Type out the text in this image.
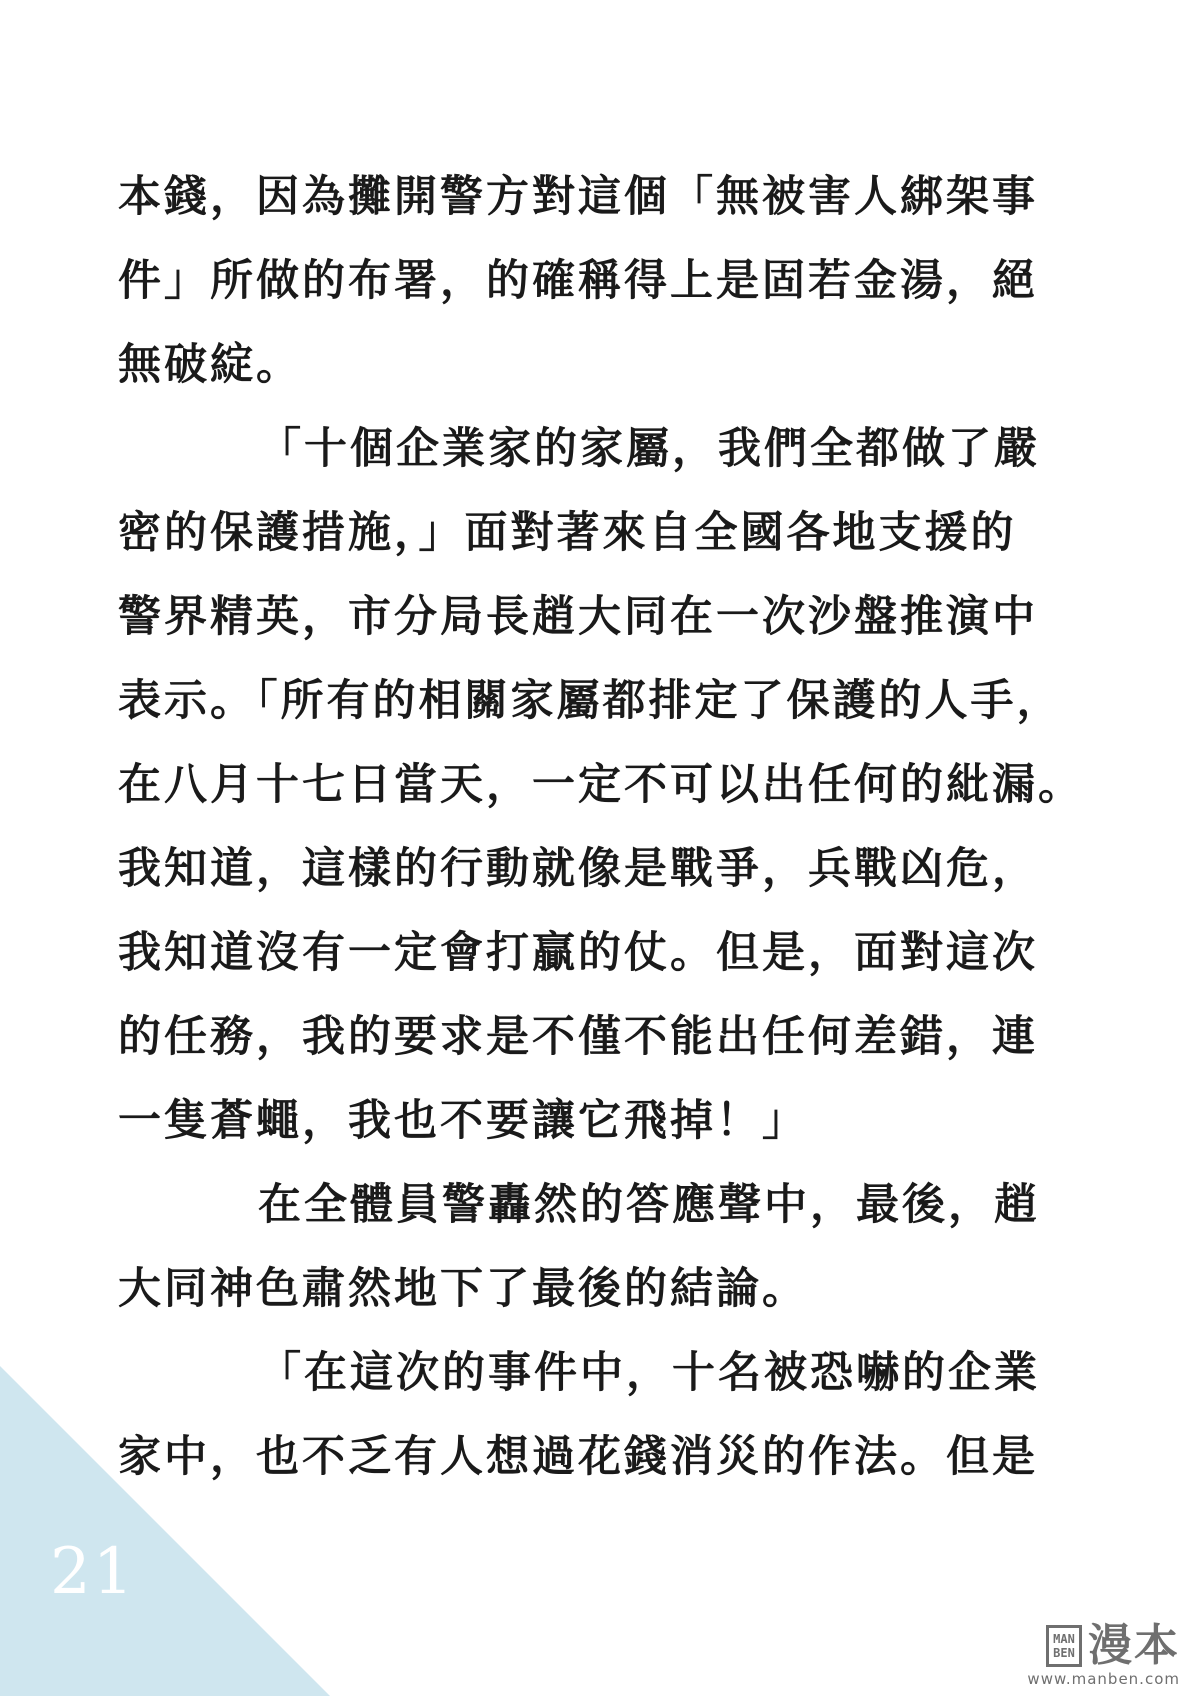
21
本錢，因為攤開警方對這個「無被害人綁架事
件」所做的布署，的確稱得上是固若金湯，絕
無破綻。
「十個企業家的家屬，我們全都做了嚴
密的保護措施，」面對著來自全國各地支援的
警界精英，市分局長趙大同在一次沙盤推演中
表示。「所有的相關家屬都排定了保護的人手，
在八月十七日當天，一定不可以出任何的紕漏。
我知道，這樣的行動就像是戰爭，兵戰凶危，
我知道沒有一定會打贏的仗。但是，面對這次
的任務，我的要求是不僅不能出任何差錯，連
一隻蒼蠅，我也不要讓它飛掉！」
在全體員警轟然的答應聲中，最後，趙
大同神色肅然地下了最後的結論。
「在這次的事件中，十名被恐嚇的企業
家中，也不乏有人想過花錢消災的作法。但是
MAN
BEN 漫本
www.manben.com
